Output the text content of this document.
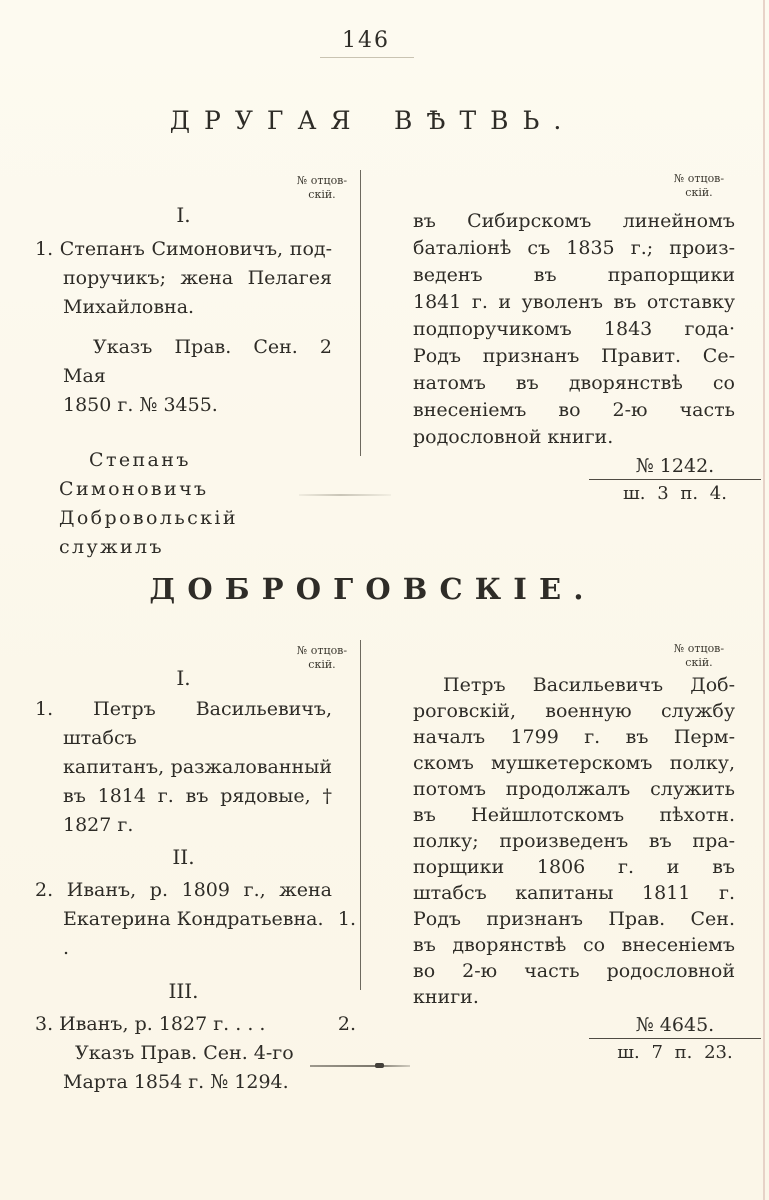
146
ДРУГАЯ ВѢТВЬ.
№ отцов-
скій.
I.
1. Степанъ Симоновичъ, под-
поручикъ; жена Пелагея
Михайловна.
Указъ Прав. Сен. 2 Мая
1850 г. № 3455.
Степанъ Симоновичъ
Добровольскій служилъ
№ отцов-
скій.
въ Сибирскомъ линейномъ
баталіонѣ съ 1835 г.; произ-
веденъ въ прапорщики
1841 г. и уволенъ въ отставку
подпоручикомъ 1843 года·
Родъ признанъ Правит. Се-
натомъ въ дворянствѣ со
внесеніемъ во 2-ю часть
родословной книги.
№ 1242.
ш. 3 п. 4.
ДОБРОГОВСКІЕ.
№ отцов-
скій.
I.
1. Петръ Васильевичъ, штабсъ
капитанъ, разжалованный
въ 1814 г. въ рядовые, †
1827 г.
II.
2. Иванъ, р. 1809 г., жена
Екатерина Кондратьевна. .
1.
III.
3. Иванъ, р. 1827 г. . . .
Указъ Прав. Сен. 4-го
Марта 1854 г. № 1294.
2.
№ отцов-
скій.
Петръ Васильевичъ Доб-
роговскій, военную службу
началъ 1799 г. въ Перм-
скомъ мушкетерскомъ полку,
потомъ продолжалъ служить
въ Нейшлотскомъ пѣхотн.
полку; произведенъ въ пра-
порщики 1806 г. и въ
штабсъ капитаны 1811 г.
Родъ признанъ Прав. Сен.
въ дворянствѣ со внесеніемъ
во 2-ю часть родословной
книги.
№ 4645.
ш. 7 п. 23.
